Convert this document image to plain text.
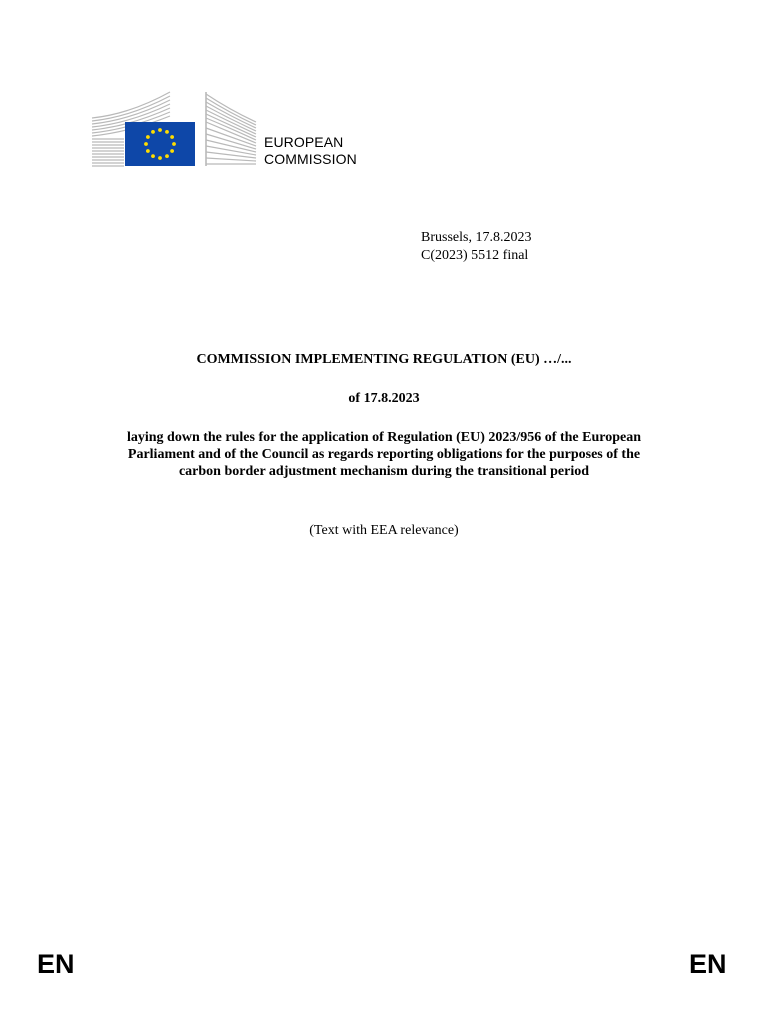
EUROPEAN
COMMISSION
Brussels, 17.8.2023
C(2023) 5512 final
COMMISSION IMPLEMENTING REGULATION (EU) …/...
of 17.8.2023
laying down the rules for the application of Regulation (EU) 2023/956 of the European
Parliament and of the Council as regards reporting obligations for the purposes of the
carbon border adjustment mechanism during the transitional period
(Text with EEA relevance)
EN	EN
